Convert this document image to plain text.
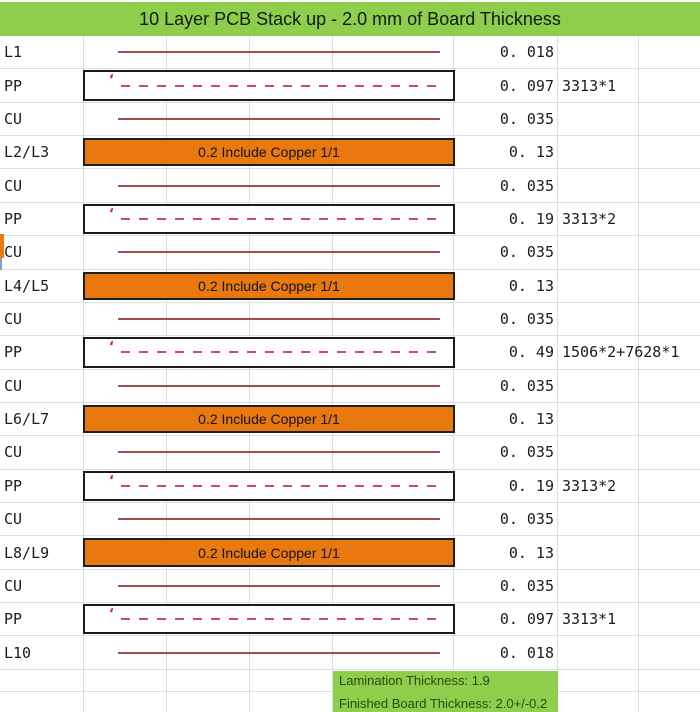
10 Layer PCB Stack up - 2.0 mm of Board Thickness
L1	0. 018
PP	‘	0. 097 3313*1
CU	0. 035
L2/L3	0.2 Include Copper 1/1	0. 13
CU	0. 035
PP	‘	0. 19 3313*2
CU	0. 035
L4/L5	0.2 Include Copper 1/1	0. 13
CU	0. 035
PP	‘	0. 49 1506*2+7628*1
CU	0. 035
L6/L7	0.2 Include Copper 1/1	0. 13
CU	0. 035
PP	‘	0. 19 3313*2
CU	0. 035
L8/L9	0.2 Include Copper 1/1	0. 13
CU	0. 035
PP	‘	0. 097 3313*1
L10	0. 018
Lamination Thickness: 1.9
Finished Board Thickness: 2.0+/-0.2
